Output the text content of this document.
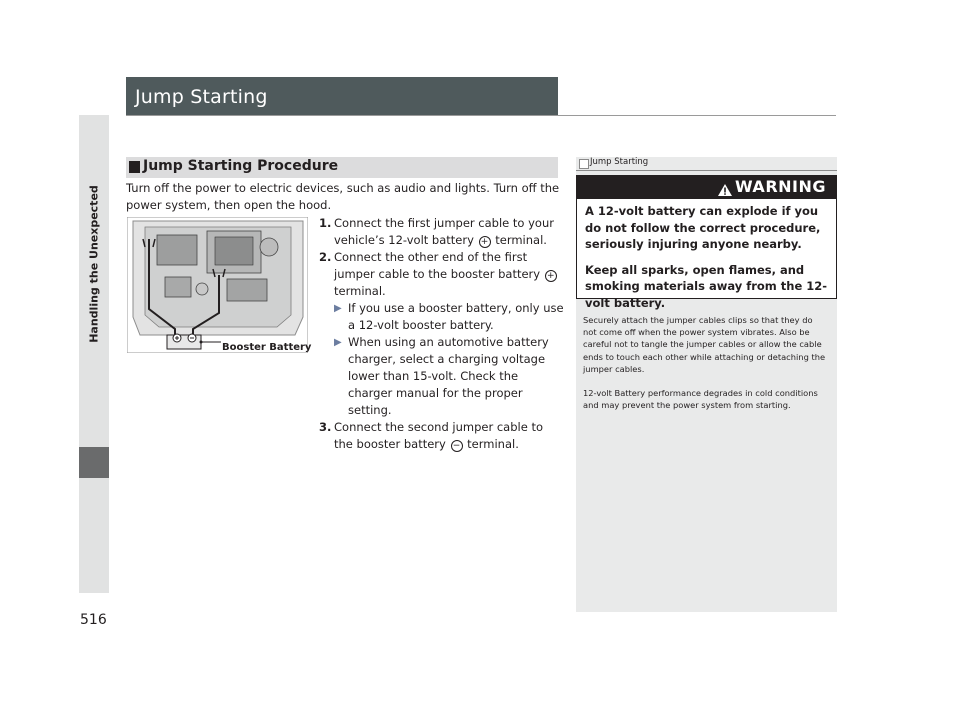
Handling the Unexpected
516
Jump Starting
Jump Starting Procedure
Turn off the power to electric devices, such as audio and lights. Turn off the power system, then open the hood.
Booster Battery
1. Connect the first jumper cable to your vehicle’s 12-volt battery + terminal.
2. Connect the other end of the first jumper cable to the booster battery + terminal.
▶ If you use a booster battery, only use a 12-volt booster battery.
▶ When using an automotive battery charger, select a charging voltage lower than 15-volt. Check the charger manual for the proper setting.
3. Connect the second jumper cable to the booster battery − terminal.
Jump Starting
WARNING

A 12-volt battery can explode if you do not follow the correct procedure, seriously injuring anyone nearby.

Keep all sparks, open flames, and smoking materials away from the 12-volt battery.

Securely attach the jumper cables clips so that they do not come off when the power system vibrates. Also be careful not to tangle the jumper cables or allow the cable ends to touch each other while attaching or detaching the jumper cables.

12-volt Battery performance degrades in cold conditions and may prevent the power system from starting.
